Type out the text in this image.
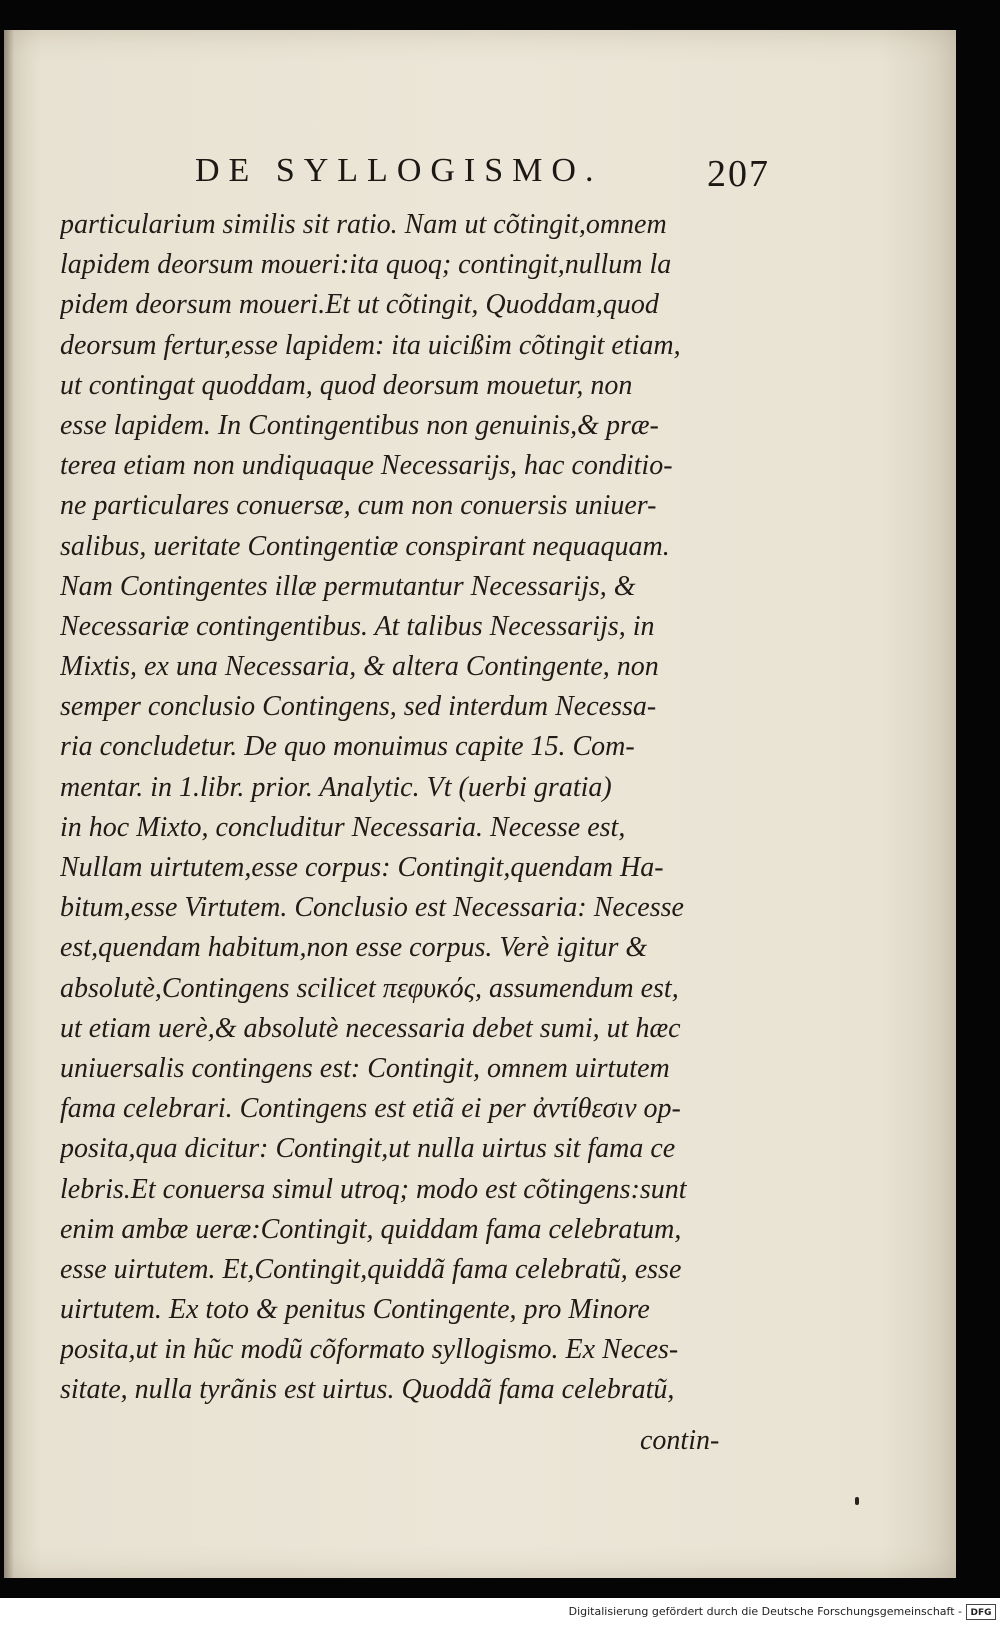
DE SYLLOGISMO.	207
particularium similis sit ratio. Nam ut cõtingit,omnem
lapidem deorsum moueri:ita quoq; contingit,nullum la
pidem deorsum moueri.Et ut cõtingit, Quoddam,quod
deorsum fertur,esse lapidem: ita uicißim cõtingit etiam,
ut contingat quoddam, quod deorsum mouetur, non
esse lapidem. In Contingentibus non genuinis,& præ-
terea etiam non undiquaque Necessarijs, hac conditio-
ne particulares conuersæ, cum non conuersis uniuer-
salibus, ueritate Contingentiæ conspirant nequaquam.
Nam Contingentes illæ permutantur Necessarijs, &
Necessariæ contingentibus. At talibus Necessarijs, in
Mixtis, ex una Necessaria, & altera Contingente, non
semper conclusio Contingens, sed interdum Necessa-
ria concludetur. De quo monuimus capite 15. Com-
mentar. in 1.libr. prior. Analytic. Vt (uerbi gratia)
in hoc Mixto, concluditur Necessaria. Necesse est,
Nullam uirtutem,esse corpus: Contingit,quendam Ha-
bitum,esse Virtutem. Conclusio est Necessaria: Necesse
est,quendam habitum,non esse corpus. Verè igitur &
absolutè,Contingens scilicet πεφυκός, assumendum est,
ut etiam uerè,& absolutè necessaria debet sumi, ut hæc
uniuersalis contingens est: Contingit, omnem uirtutem
fama celebrari. Contingens est etiã ei per ἀντίθεσιν op-
posita,qua dicitur: Contingit,ut nulla uirtus sit fama ce
lebris.Et conuersa simul utroq; modo est cõtingens:sunt
enim ambæ ueræ:Contingit, quiddam fama celebratum,
esse uirtutem. Et,Contingit,quiddã fama celebratũ, esse
uirtutem. Ex toto & penitus Contingente, pro Minore
posita,ut in hũc modũ cõformato syllogismo. Ex Neces-
sitate, nulla tyrãnis est uirtus. Quoddã fama celebratũ,
contin-
Digitalisierung gefördert durch die Deutsche Forschungsgemeinschaft - DFG
